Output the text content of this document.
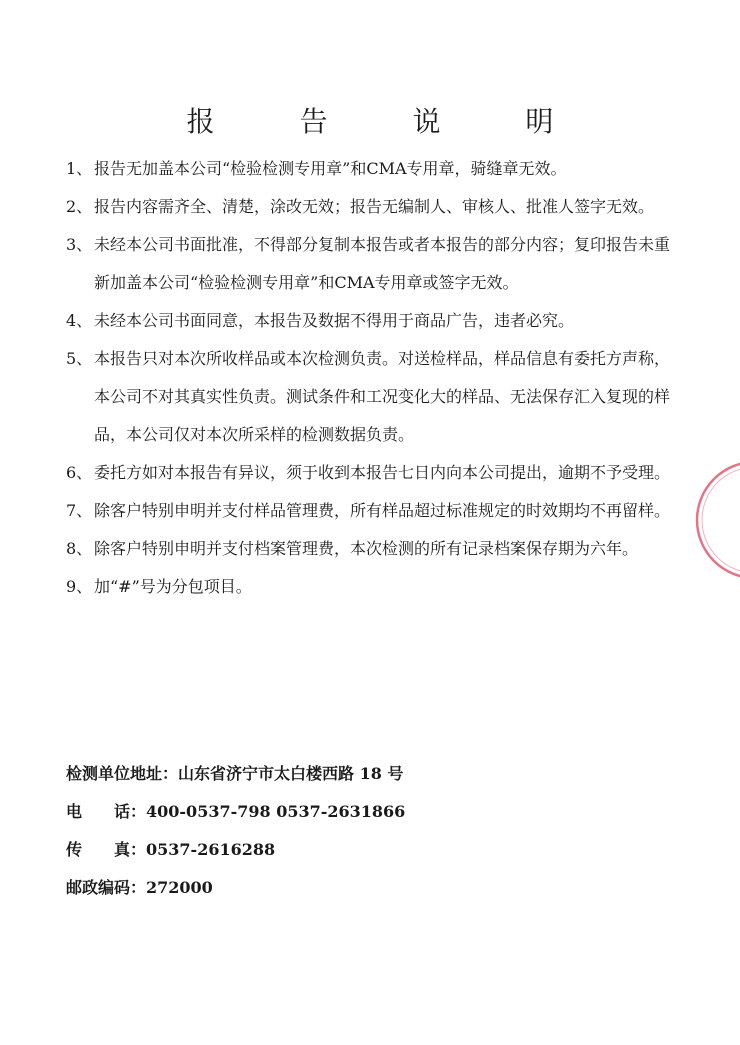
报 告 说 明
1、 报告无加盖本公司“检验检测专用章”和CMA专用章，骑缝章无效。
2、 报告内容需齐全、清楚，涂改无效；报告无编制人、审核人、批准人签字无效。
3、 未经本公司书面批准，不得部分复制本报告或者本报告的部分内容；复印报告未重新加盖本公司“检验检测专用章”和CMA专用章或签字无效。
4、 未经本公司书面同意，本报告及数据不得用于商品广告，违者必究。
5、 本报告只对本次所收样品或本次检测负责。对送检样品，样品信息有委托方声称，本公司不对其真实性负责。测试条件和工况变化大的样品、无法保存汇入复现的样品，本公司仅对本次所采样的检测数据负责。
6、 委托方如对本报告有异议，须于收到本报告七日内向本公司提出，逾期不予受理。
7、 除客户特别申明并支付样品管理费，所有样品超过标准规定的时效期均不再留样。
8、 除客户特别申明并支付档案管理费，本次检测的所有记录档案保存期为六年。
9、 加“#”号为分包项目。
检测单位地址：山东省济宁市太白楼西路 18 号
电　　话：400-0537-798 0537-2631866
传　　真：0537-2616288
邮政编码：272000
